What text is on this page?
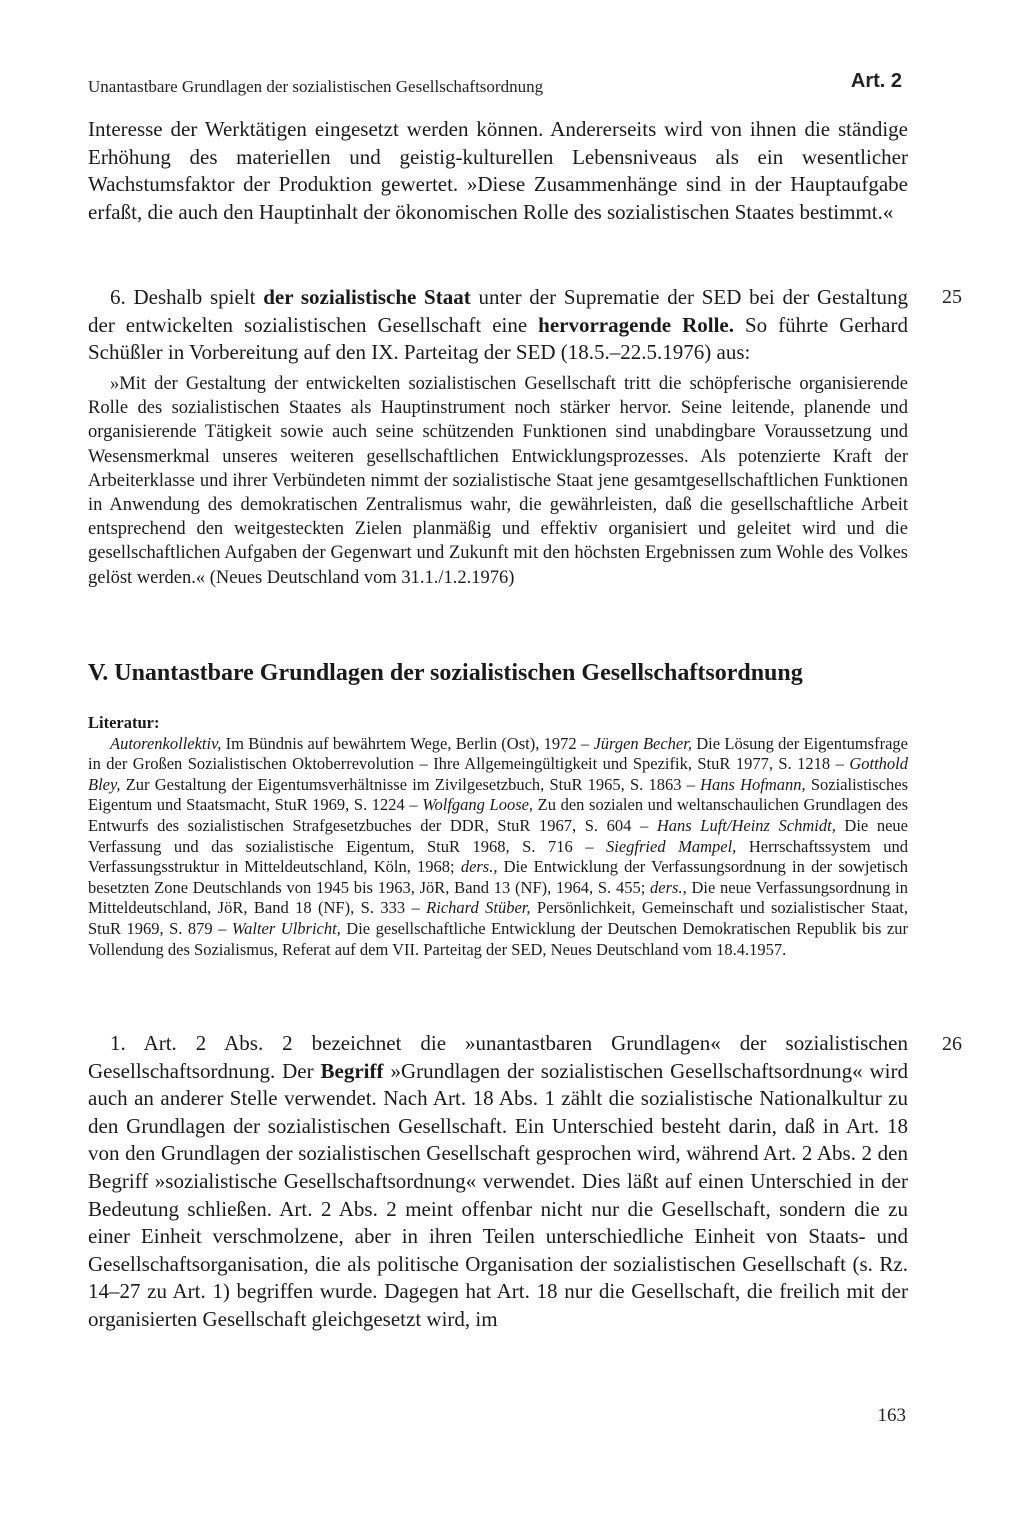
Unantastbare Grundlagen der sozialistischen Gesellschaftsordnung	Art. 2

Interesse der Werktätigen eingesetzt werden können. Andererseits wird von ihnen die ständige Erhöhung des materiellen und geistig-kulturellen Lebensniveaus als ein wesentlicher Wachstumsfaktor der Produktion gewertet. »Diese Zusammenhänge sind in der Hauptaufgabe erfaßt, die auch den Hauptinhalt der ökonomischen Rolle des sozialistischen Staates bestimmt.«

25

6. Deshalb spielt der sozialistische Staat unter der Suprematie der SED bei der Gestaltung der entwickelten sozialistischen Gesellschaft eine hervorragende Rolle. So führte Gerhard Schüßler in Vorbereitung auf den IX. Parteitag der SED (18.5.–22.5.1976) aus:

»Mit der Gestaltung der entwickelten sozialistischen Gesellschaft tritt die schöpferische organisierende Rolle des sozialistischen Staates als Hauptinstrument noch stärker hervor. Seine leitende, planende und organisierende Tätigkeit sowie auch seine schützenden Funktionen sind unabdingbare Voraussetzung und Wesensmerkmal unseres weiteren gesellschaftlichen Entwicklungsprozesses. Als potenzierte Kraft der Arbeiterklasse und ihrer Verbündeten nimmt der sozialistische Staat jene gesamtgesellschaftlichen Funktionen in Anwendung des demokratischen Zentralismus wahr, die gewährleisten, daß die gesellschaftliche Arbeit entsprechend den weitgesteckten Zielen planmäßig und effektiv organisiert und geleitet wird und die gesellschaftlichen Aufgaben der Gegenwart und Zukunft mit den höchsten Ergebnissen zum Wohle des Volkes gelöst werden.« (Neues Deutschland vom 31.1./1.2.1976)

V. Unantastbare Grundlagen der sozialistischen Gesellschaftsordnung
Literatur:

Autorenkollektiv, Im Bündnis auf bewährtem Wege, Berlin (Ost), 1972 – Jürgen Becher, Die Lösung der Eigentumsfrage in der Großen Sozialistischen Oktoberrevolution – Ihre Allgemeingültigkeit und Spezifik, StuR 1977, S. 1218 – Gotthold Bley, Zur Gestaltung der Eigentumsverhältnisse im Zivilgesetzbuch, StuR 1965, S. 1863 – Hans Hofmann, Sozialistisches Eigentum und Staatsmacht, StuR 1969, S. 1224 – Wolfgang Loose, Zu den sozialen und weltanschaulichen Grundlagen des Entwurfs des sozialistischen Strafgesetzbuches der DDR, StuR 1967, S. 604 – Hans Luft/Heinz Schmidt, Die neue Verfassung und das sozialistische Eigentum, StuR 1968, S. 716 – Siegfried Mampel, Herrschaftssystem und Verfassungsstruktur in Mitteldeutschland, Köln, 1968; ders., Die Entwicklung der Verfassungsordnung in der sowjetisch besetzten Zone Deutschlands von 1945 bis 1963, JöR, Band 13 (NF), 1964, S. 455; ders., Die neue Verfassungsordnung in Mitteldeutschland, JöR, Band 18 (NF), S. 333 – Richard Stüber, Persönlichkeit, Gemeinschaft und sozialistischer Staat, StuR 1969, S. 879 – Walter Ulbricht, Die gesellschaftliche Entwicklung der Deutschen Demokratischen Republik bis zur Vollendung des Sozialismus, Referat auf dem VII. Parteitag der SED, Neues Deutschland vom 18.4.1957.

26

1. Art. 2 Abs. 2 bezeichnet die »unantastbaren Grundlagen« der sozialistischen Gesellschaftsordnung. Der Begriff »Grundlagen der sozialistischen Gesellschaftsordnung« wird auch an anderer Stelle verwendet. Nach Art. 18 Abs. 1 zählt die sozialistische Nationalkultur zu den Grundlagen der sozialistischen Gesellschaft. Ein Unterschied besteht darin, daß in Art. 18 von den Grundlagen der sozialistischen Gesellschaft gesprochen wird, während Art. 2 Abs. 2 den Begriff »sozialistische Gesellschaftsordnung« verwendet. Dies läßt auf einen Unterschied in der Bedeutung schließen. Art. 2 Abs. 2 meint offenbar nicht nur die Gesellschaft, sondern die zu einer Einheit verschmolzene, aber in ihren Teilen unterschiedliche Einheit von Staats- und Gesellschaftsorganisation, die als politische Organisation der sozialistischen Gesellschaft (s. Rz. 14–27 zu Art. 1) begriffen wurde. Dagegen hat Art. 18 nur die Gesellschaft, die freilich mit der organisierten Gesellschaft gleichgesetzt wird, im

163
